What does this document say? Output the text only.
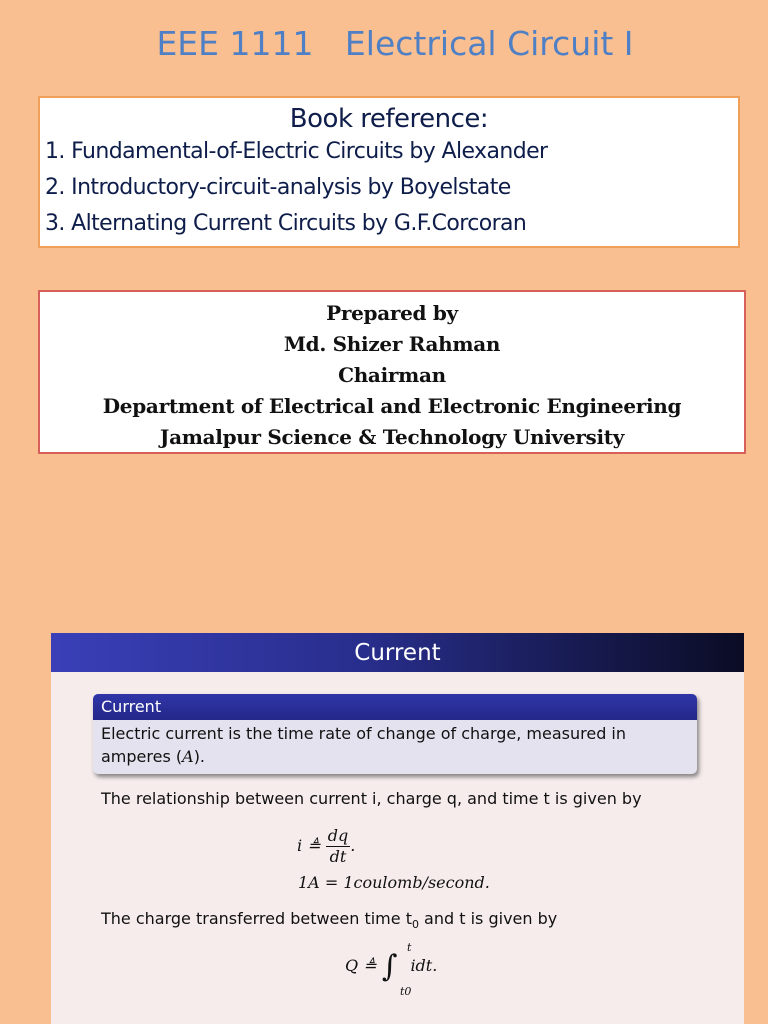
EEE 1111   Electrical Circuit I
Book reference:
1. Fundamental-of-Electric Circuits by Alexander
2. Introductory-circuit-analysis by Boyelstate
3. Alternating Current Circuits by G.F.Corcoran
Prepared by
Md. Shizer Rahman
Chairman
Department of Electrical and Electronic Engineering
Jamalpur Science & Technology University
Current
Current
Electric current is the time rate of change of charge, measured in
amperes (A).
The relationship between current i, charge q, and time t is given by
i ≜ $\frac{dq}{dt}$ .
1A = 1coulomb/second.
The charge transferred between time $t_0$ and t is given by
Q ≜ ∫
t
t0
idt.
